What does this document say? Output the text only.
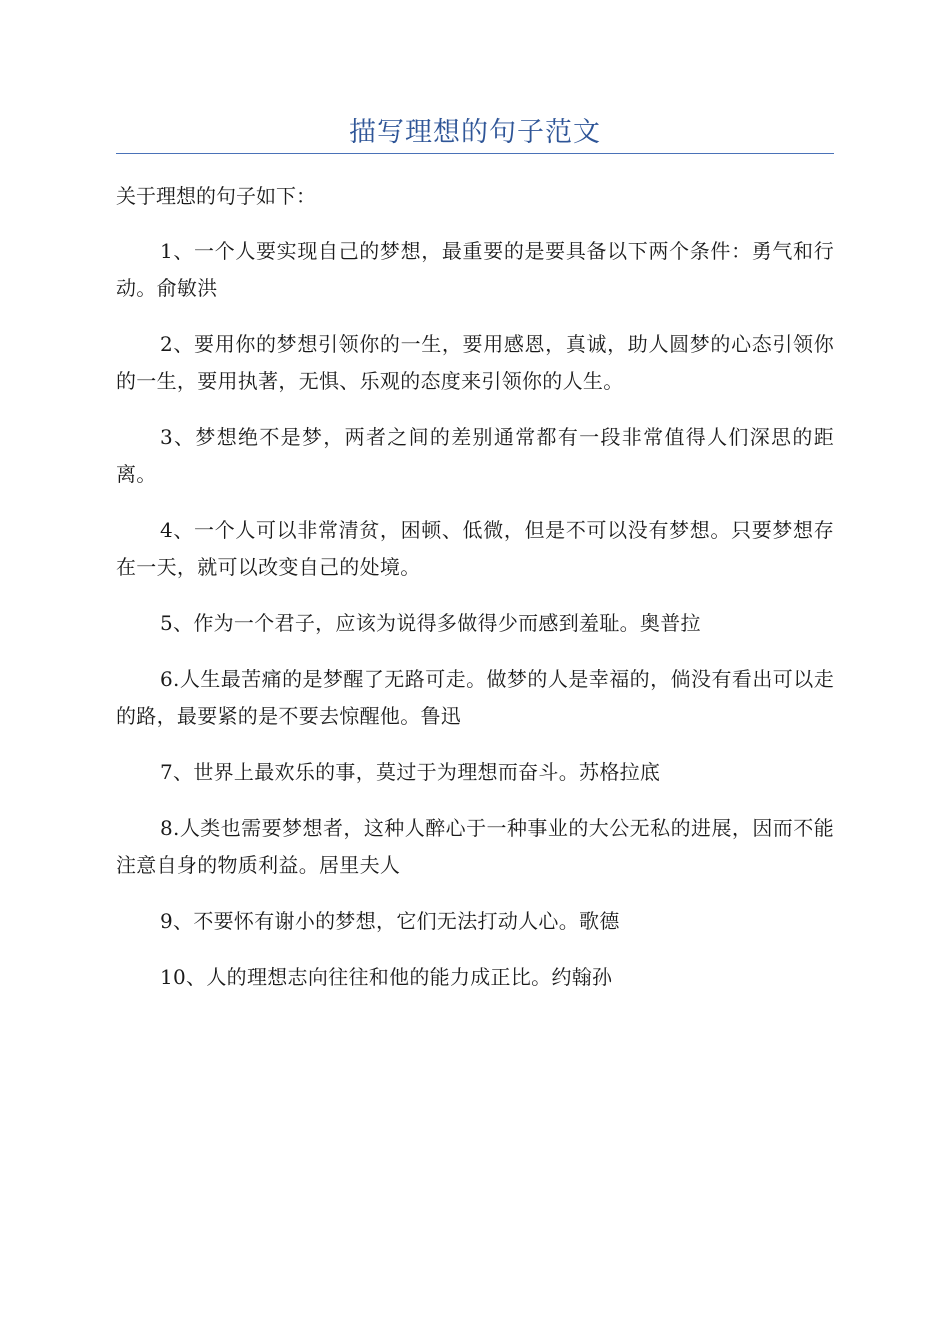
描写理想的句子范文
关于理想的句子如下：
1、一个人要实现自己的梦想，最重要的是要具备以下两个条件：勇气和行动。俞敏洪
2、要用你的梦想引领你的一生，要用感恩，真诚，助人圆梦的心态引领你的一生，要用执著，无惧、乐观的态度来引领你的人生。
3、梦想绝不是梦，两者之间的差别通常都有一段非常值得人们深思的距离。
4、一个人可以非常清贫，困顿、低微，但是不可以没有梦想。只要梦想存在一天，就可以改变自己的处境。
5、作为一个君子，应该为说得多做得少而感到羞耻。奥普拉
6.人生最苦痛的是梦醒了无路可走。做梦的人是幸福的，倘没有看出可以走的路，最要紧的是不要去惊醒他。鲁迅
7、世界上最欢乐的事，莫过于为理想而奋斗。苏格拉底
8.人类也需要梦想者，这种人醉心于一种事业的大公无私的进展，因而不能注意自身的物质利益。居里夫人
9、不要怀有谢小的梦想，它们无法打动人心。歌德
10、人的理想志向往往和他的能力成正比。约翰孙
